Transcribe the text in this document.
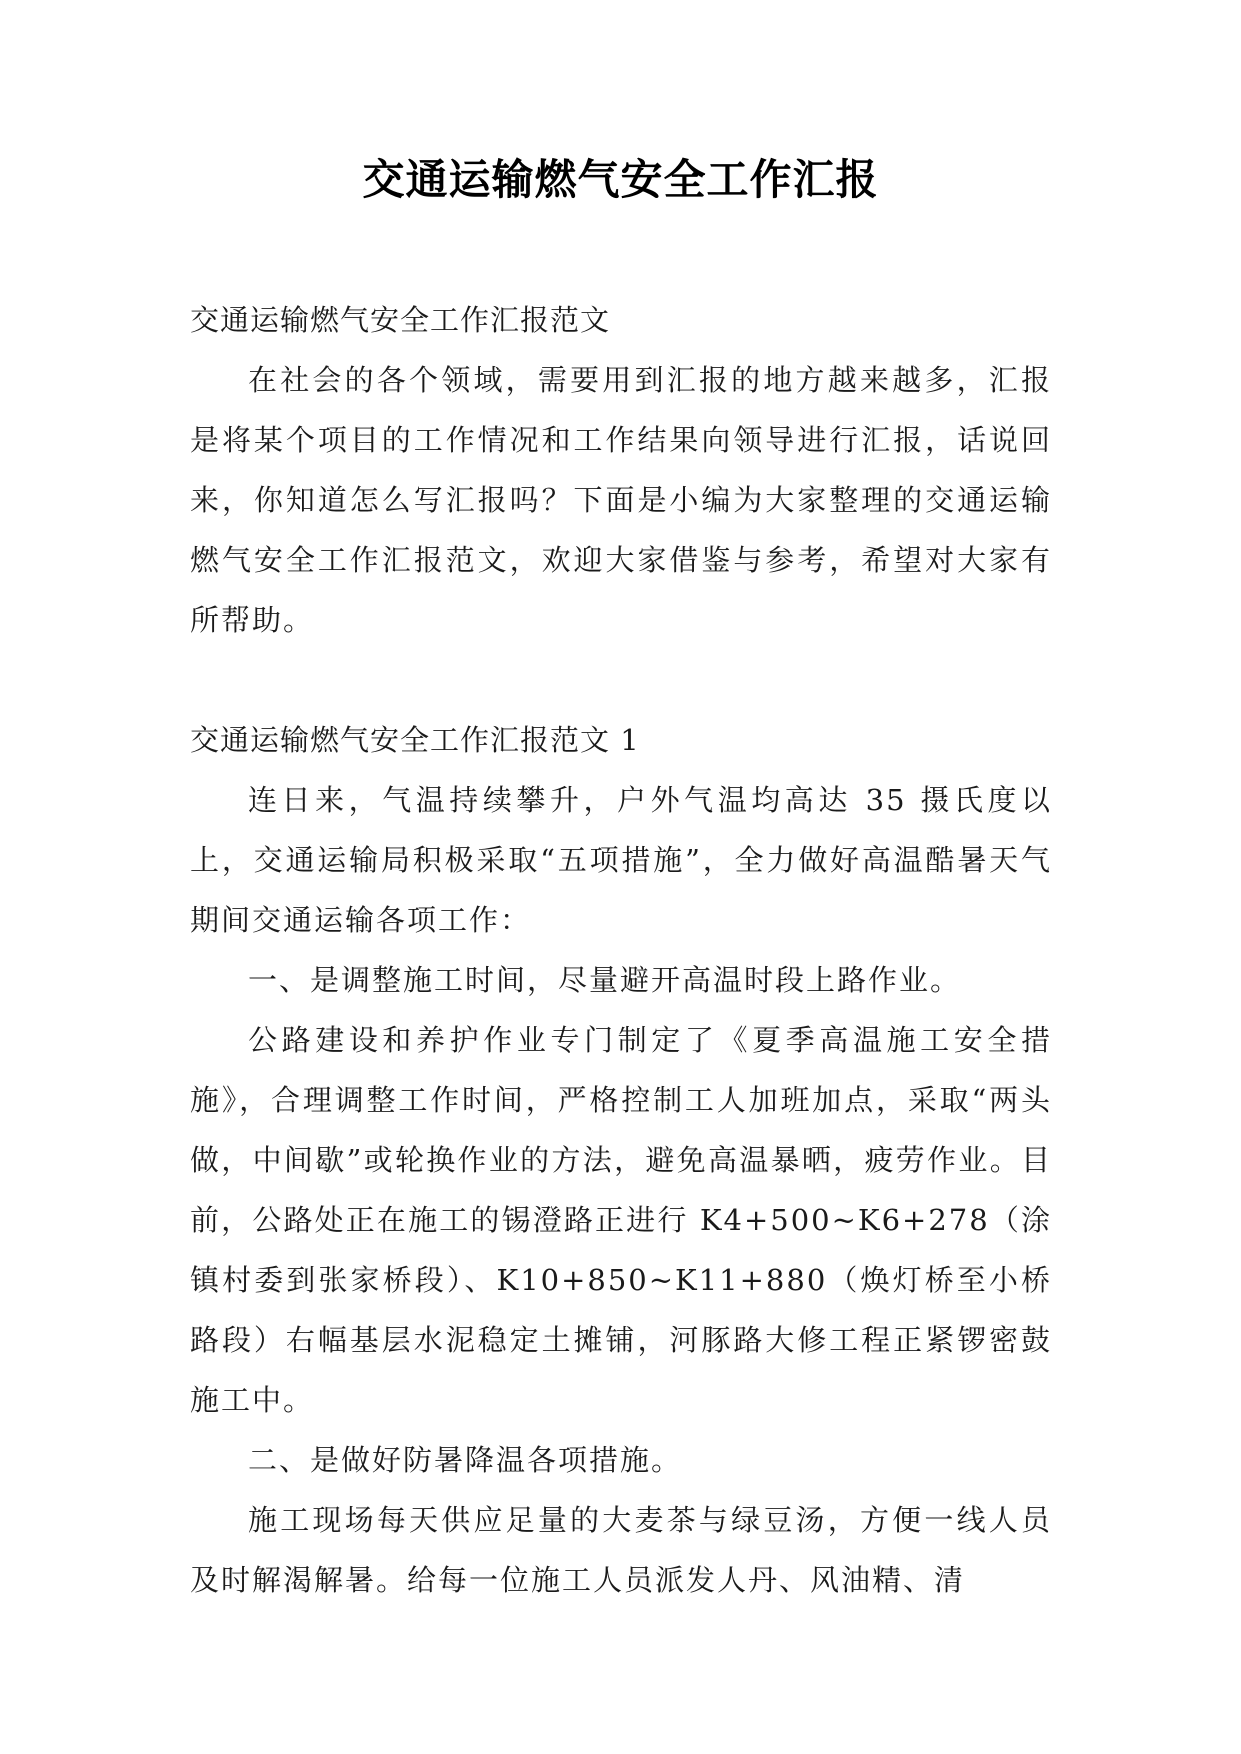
交通运输燃气安全工作汇报

交通运输燃气安全工作汇报范文

在社会的各个领域，需要用到汇报的地方越来越多，汇报是将某个项目的工作情况和工作结果向领导进行汇报，话说回来，你知道怎么写汇报吗？下面是小编为大家整理的交通运输燃气安全工作汇报范文，欢迎大家借鉴与参考，希望对大家有所帮助。

交通运输燃气安全工作汇报范文 1

连日来，气温持续攀升，户外气温均高达 35 摄氏度以上，交通运输局积极采取“五项措施”，全力做好高温酷暑天气期间交通运输各项工作：

一、是调整施工时间，尽量避开高温时段上路作业。

公路建设和养护作业专门制定了《夏季高温施工安全措施》，合理调整工作时间，严格控制工人加班加点，采取“两头做，中间歇”或轮换作业的方法，避免高温暴晒，疲劳作业。目前，公路处正在施工的锡澄路正进行 K4+500~K6+278（涂镇村委到张家桥段）、K10+850~K11+880（焕灯桥至小桥路段）右幅基层水泥稳定土摊铺，河豚路大修工程正紧锣密鼓施工中。

二、是做好防暑降温各项措施。

施工现场每天供应足量的大麦茶与绿豆汤，方便一线人员及时解渴解暑。给每一位施工人员派发人丹、风油精、清
